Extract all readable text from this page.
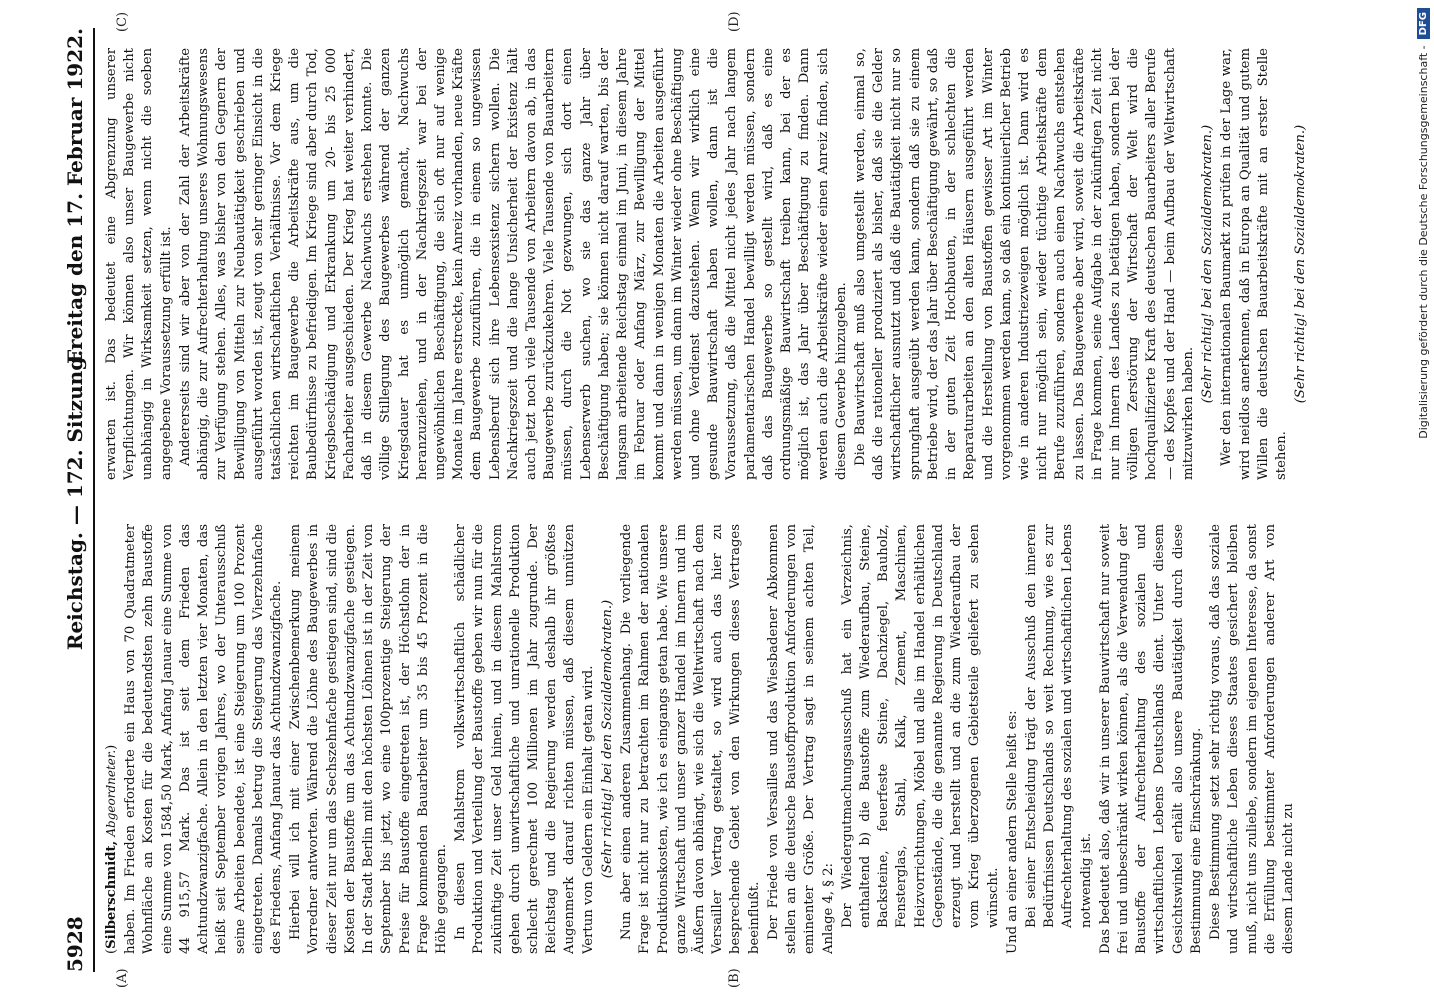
5928
Reichstag. — 172. Sitzung.
Freitag den 17. Februar 1922.
(A)	(B)
(C)	(D)

(Silberschmidt, Abgeordneter.) haben. Im Frieden erforderte ein Haus von 70 Quadratmeter Wohnfläche an Kosten für die bedeutendsten zehn Baustoffe eine Summe von 1584,50 Mark, Anfang Januar eine Summe von 44 915,57 Mark. Das ist seit dem Frieden das Achtundzwanzigfache. Allein in den letzten vier Monaten, das heißt seit September vorigen Jahres, wo der Unterausschuß seine Arbeiten beendete, ist eine Steigerung um 100 Prozent eingetreten. Damals betrug die Steigerung das Vierzehnfache des Friedens, Anfang Januar das Achtundzwanzigfache. Hierbei will ich mit einer Zwischenbemerkung meinem Vorredner antworten. Während die Löhne des Baugewerbes in dieser Zeit nur um das Sechszehnfache gestiegen sind, sind die Kosten der Baustoffe um das Achtundzwanzigfache gestiegen. In der Stadt Berlin mit den höchsten Löhnen ist in der Zeit von September bis jetzt, wo eine 100prozentige Steigerung der Preise für Baustoffe eingetreten ist, der Höchstlohn der in Frage kommenden Bauarbeiter um 35 bis 45 Prozent in die Höhe gegangen. In diesen Mahlstrom volkswirtschaftlich schädlicher Produktion und Verteilung der Baustoffe geben wir nun für die zukünftige Zeit unser Geld hinein, und in diesem Mahlstrom gehen durch unwirtschaftliche und unrationelle Produktion schlecht gerechnet 100 Millionen im Jahr zugrunde. Der Reichstag und die Regierung werden deshalb ihr größtes Augenmerk darauf richten müssen, daß diesem unnützen Vertun von Geldern ein Einhalt getan wird. (Sehr richtig! bei den Sozialdemokraten.) Nun aber einen anderen Zusammenhang. Die vorliegende Frage ist nicht nur zu betrachten im Rahmen der nationalen Produktionskosten, wie ich es eingangs getan habe. Wie unsere ganze Wirtschaft und unser ganzer Handel im Innern und im Äußern davon abhängt, wie sich die Weltwirtschaft nach dem Versailler Vertrag gestaltet, so wird auch das hier zu besprechende Gebiet von den Wirkungen dieses Vertrages beeinflußt. Der Friede von Versailles und das Wiesbadener Abkommen stellen an die deutsche Baustoffproduktion Anforderungen von eminenter Größe. Der Vertrag sagt in seinem achten Teil, Anlage 4, § 2: Der Wiedergutmachungsausschuß hat ein Verzeichnis, enthaltend b) die Baustoffe zum Wiederaufbau, Steine, Backsteine, feuerfeste Steine, Dachziegel, Bauholz, Fensterglas, Stahl, Kalk, Zement, Maschinen, Heizvorrichtungen, Möbel und alle im Handel erhältlichen Gegenstände, die die genannte Regierung in Deutschland erzeugt und herstellt und an die zum Wiederaufbau der vom Krieg überzogenen Gebietsteile geliefert zu sehen wünscht. Und an einer andern Stelle heißt es: Bei seiner Entscheidung trägt der Ausschuß den inneren Bedürfnissen Deutschlands so weit Rechnung, wie es zur Aufrechterhaltung des sozialen und wirtschaftlichen Lebens notwendig ist. Das bedeutet also, daß wir in unserer Bauwirtschaft nur soweit frei und unbeschränkt wirken können, als die Verwendung der Baustoffe der Aufrechterhaltung des sozialen und wirtschaftlichen Lebens Deutschlands dient. Unter diesem Gesichtswinkel erhält also unsere Bautätigkeit durch diese Bestimmung eine Einschränkung. Diese Bestimmung setzt sehr richtig voraus, daß das soziale und wirtschaftliche Leben dieses Staates gesichert bleiben muß, nicht uns zuliebe, sondern im eigenen Interesse, da sonst die Erfüllung bestimmter Anforderungen anderer Art von diesem Lande nicht zu

erwarten ist. Das bedeutet eine Abgrenzung unserer Verpflichtungen. Wir können also unser Baugewerbe nicht unabhängig in Wirksamkeit setzen, wenn nicht die soeben angegebene Voraussetzung erfüllt ist. Andererseits sind wir aber von der Zahl der Arbeitskräfte abhängig, die zur Aufrechterhaltung unseres Wohnungswesens zur Verfügung stehen. Alles, was bisher von den Gegnern der Bewilligung von Mitteln zur Neubautätigkeit geschrieben und ausgeführt worden ist, zeugt von sehr geringer Einsicht in die tatsächlichen wirtschaftlichen Verhältnisse. Vor dem Kriege reichten im Baugewerbe die Arbeitskräfte aus, um die Baubedürfnisse zu befriedigen. Im Kriege sind aber durch Tod, Kriegsbeschädigung und Erkrankung um 20- bis 25 000 Facharbeiter ausgeschieden. Der Krieg hat weiter verhindert, daß in diesem Gewerbe Nachwuchs erstehen konnte. Die völlige Stillegung des Baugewerbes während der ganzen Kriegsdauer hat es unmöglich gemacht, Nachwuchs heranzuziehen, und in der Nachkriegszeit war bei der ungewöhnlichen Beschäftigung, die sich oft nur auf wenige Monate im Jahre erstreckte, kein Anreiz vorhanden, neue Kräfte dem Baugewerbe zuzuführen, die in einem so ungewissen Lebensberuf sich ihre Lebensexistenz sichern wollen. Die Nachkriegszeit und die lange Unsicherheit der Existenz hält auch jetzt noch viele Tausende von Arbeitern davon ab, in das Baugewerbe zurückzukehren. Viele Tausende von Bauarbeitern müssen, durch die Not gezwungen, sich dort einen Lebenserwerb suchen, wo sie das ganze Jahr über Beschäftigung haben; sie können nicht darauf warten, bis der langsam arbeitende Reichstag einmal im Juni, in diesem Jahre im Februar oder Anfang März, zur Bewilligung der Mittel kommt und dann in wenigen Monaten die Arbeiten ausgeführt werden müssen, um dann im Winter wieder ohne Beschäftigung und ohne Verdienst dazustehen. Wenn wir wirklich eine gesunde Bauwirtschaft haben wollen, dann ist die Voraussetzung, daß die Mittel nicht jedes Jahr nach langem parlamentarischen Handel bewilligt werden müssen, sondern daß das Baugewerbe so gestellt wird, daß es eine ordnungsmäßige Bauwirtschaft treiben kann, bei der es möglich ist, das Jahr über Beschäftigung zu finden. Dann werden auch die Arbeitskräfte wieder einen Anreiz finden, sich diesem Gewerbe hinzugeben. Die Bauwirtschaft muß also umgestellt werden, einmal so, daß die rationeller produziert als bisher, daß sie die Gelder wirtschaftlicher ausnutzt und daß die Bautätigkeit nicht nur so sprunghaft ausgeübt werden kann, sondern daß sie zu einem Betriebe wird, der das Jahr über Beschäftigung gewährt, so daß in der guten Zeit Hochbauten, in der schlechten die Reparaturarbeiten an den alten Häusern ausgeführt werden und die Herstellung von Baustoffen gewisser Art im Winter vorgenommen werden kann, so daß ein kontinuierlicher Betrieb wie in anderen Industriezweigen möglich ist. Dann wird es nicht nur möglich sein, wieder tüchtige Arbeitskräfte dem Berufe zuzuführen, sondern auch einen Nachwuchs entstehen zu lassen. Das Baugewerbe aber wird, soweit die Arbeitskräfte in Frage kommen, seine Aufgabe in der zukünftigen Zeit nicht nur im Innern des Landes zu betätigen haben, sondern bei der völligen Zerstörung der Wirtschaft der Welt wird die hochqualifizierte Kraft des deutschen Bauarbeiters aller Berufe — des Kopfes und der Hand — beim Aufbau der Weltwirtschaft mitzuwirken haben.

(Sehr richtig! bei den Sozialdemokraten.) Wer den internationalen Baumarkt zu prüfen in der Lage war, wird neidlos anerkennen, daß in Europa an Qualität und gutem Willen die deutschen Bauarbeitskräfte mit an erster Stelle stehen.

(Sehr richtig! bei den Sozialdemokraten.)	Digitalisierung gefördert durch die Deutsche Forschungsgemeinschaft -
DFG
